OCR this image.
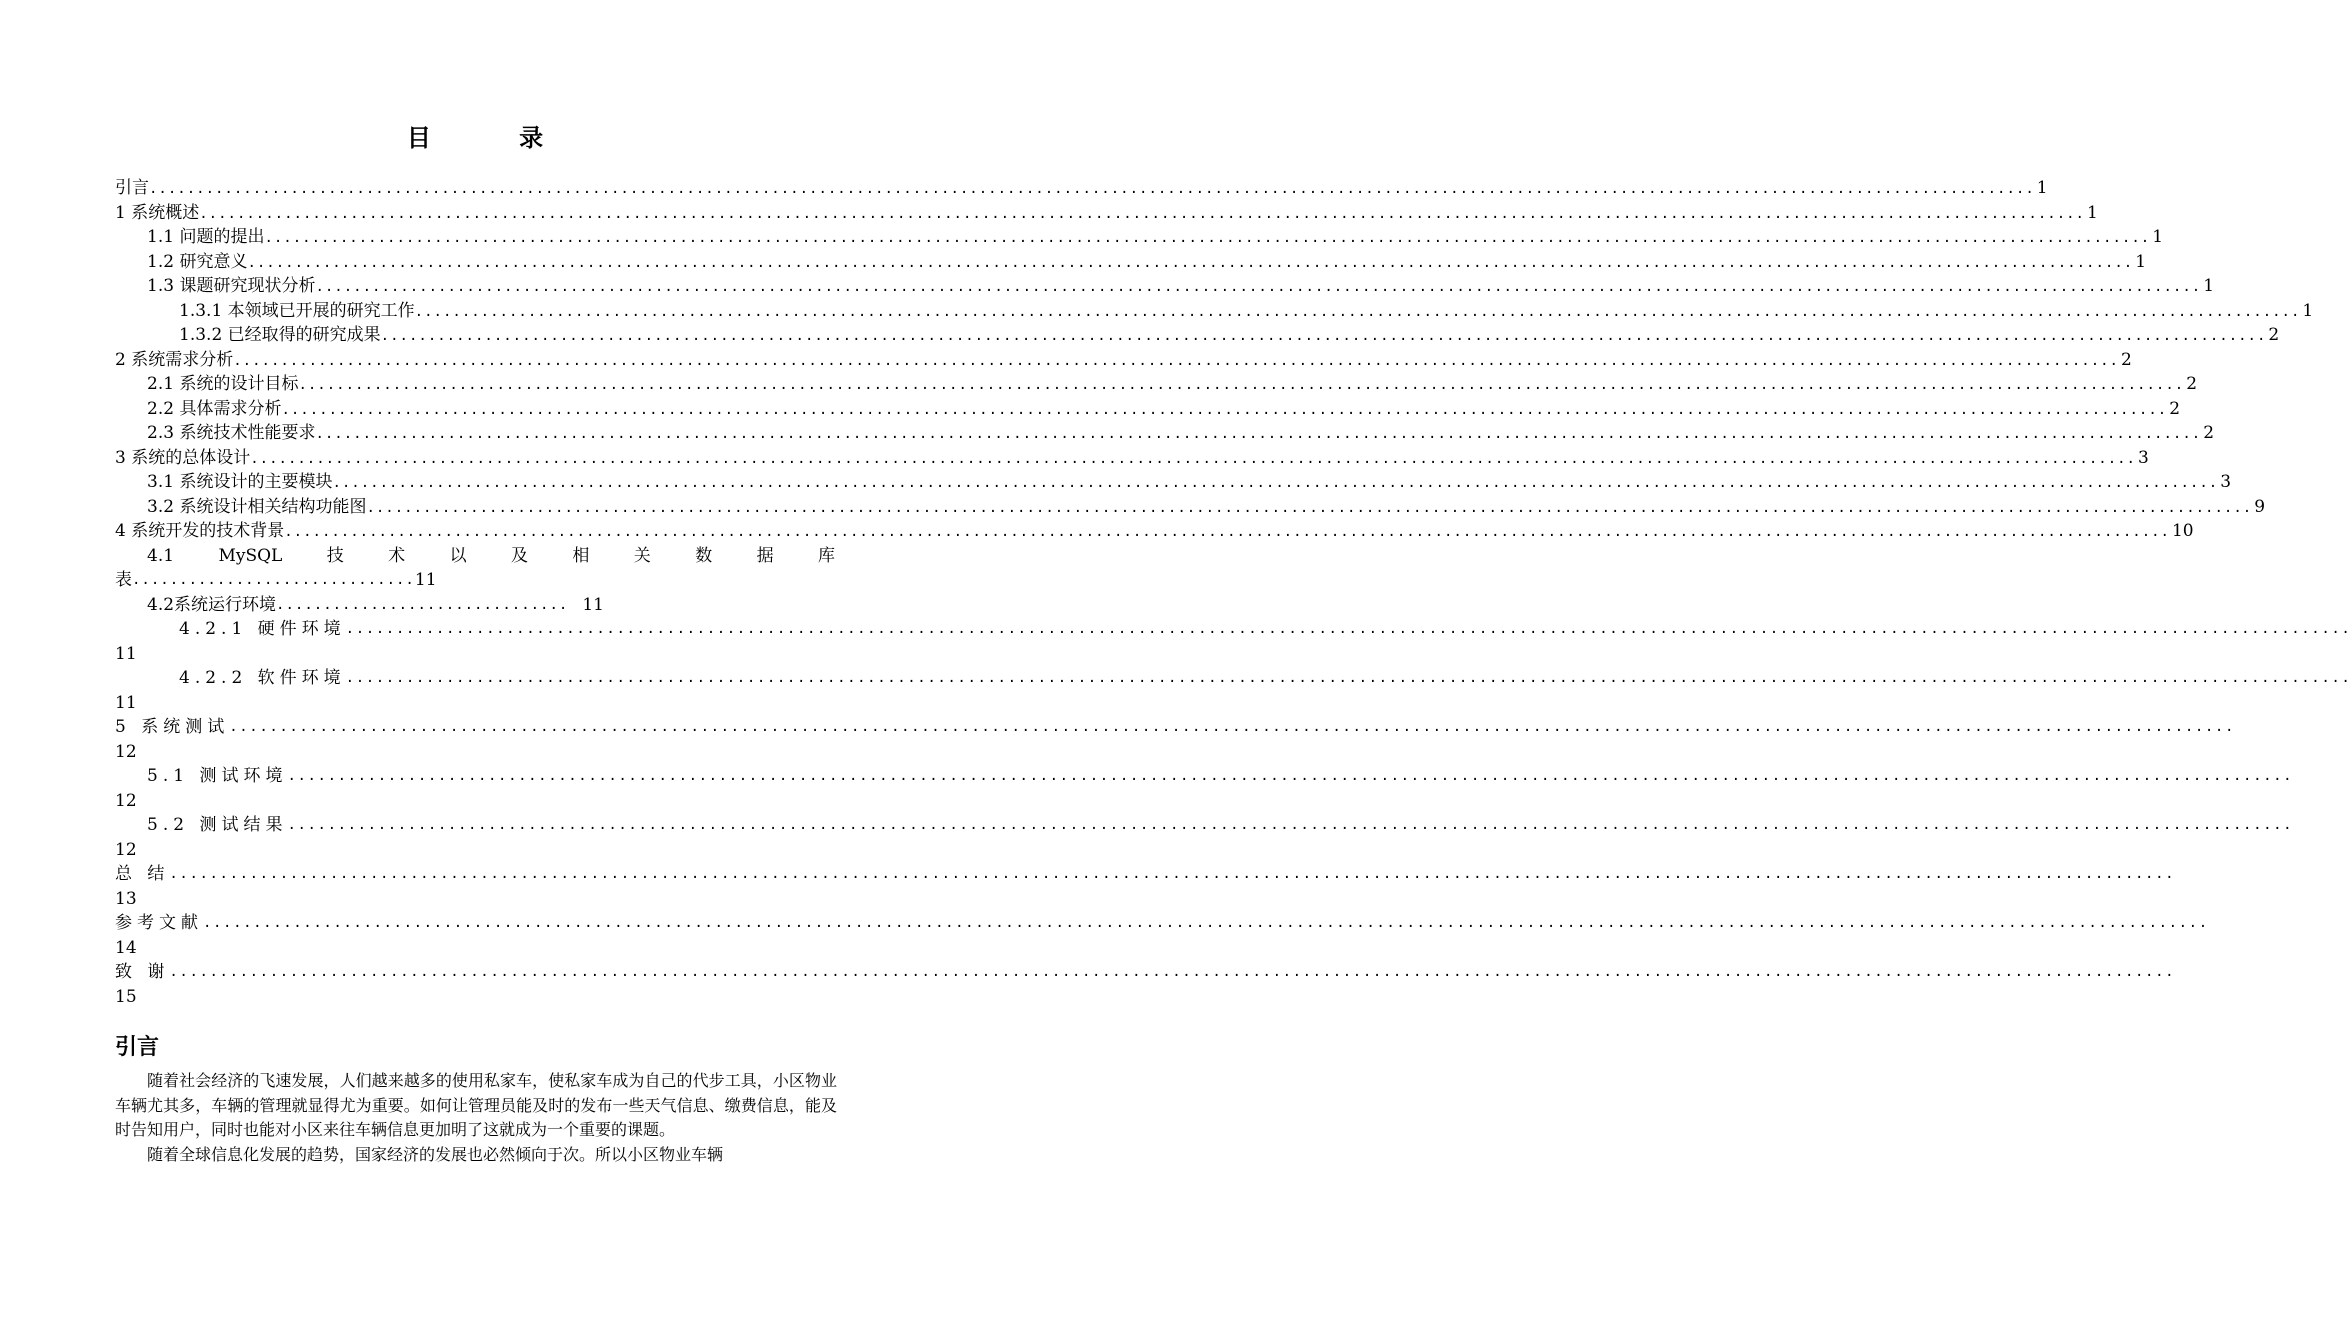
目 录
引言 ........................................................................................................................................................................................................ 1
1 系统概述 ........................................................................................................................................................................................................ 1
1.1 问题的提出 ........................................................................................................................................................................................................ 1
1.2 研究意义 ........................................................................................................................................................................................................ 1
1.3 课题研究现状分析 ........................................................................................................................................................................................................ 1
1.3.1 本领域已开展的研究工作 ........................................................................................................................................................................................................ 1
1.3.2 已经取得的研究成果 ........................................................................................................................................................................................................ 2
2 系统需求分析 ........................................................................................................................................................................................................ 2
2.1 系统的设计目标 ........................................................................................................................................................................................................ 2
2.2 具体需求分析 ........................................................................................................................................................................................................ 2
2.3 系统技术性能要求 ........................................................................................................................................................................................................ 2
3 系统的总体设计 ........................................................................................................................................................................................................ 3
3.1 系统设计的主要模块 ........................................................................................................................................................................................................ 3
3.2 系统设计相关结构功能图 ........................................................................................................................................................................................................ 9
4 系统开发的技术背景 ........................................................................................................................................................................................................ 10
4.1	MySQL	技	术	以	及	相	关	数	据	库
表 .............................. 11
4.2系统运行环境 ............................... 11
4.2.1 硬件环境 ........................................................................................................................................................................................................
11
4.2.2 软件环境 ........................................................................................................................................................................................................
11
5 系统测试 ........................................................................................................................................................................................................
12
5.1 测试环境 ........................................................................................................................................................................................................
12
5.2 测试结果 ........................................................................................................................................................................................................
12
总 结 ........................................................................................................................................................................................................
13
参考文献 ........................................................................................................................................................................................................
14
致 谢 ........................................................................................................................................................................................................
15
引言

随着社会经济的飞速发展，人们越来越多的使用私家车，使私家车成为自己的代步工具，小区物业车辆尤其多，车辆的管理就显得尤为重要。如何让管理员能及时的发布一些天气信息、缴费信息，能及时告知用户，同时也能对小区来往车辆信息更加明了这就成为一个重要的课题。

随着全球信息化发展的趋势，国家经济的发展也必然倾向于次。所以小区物业车辆
